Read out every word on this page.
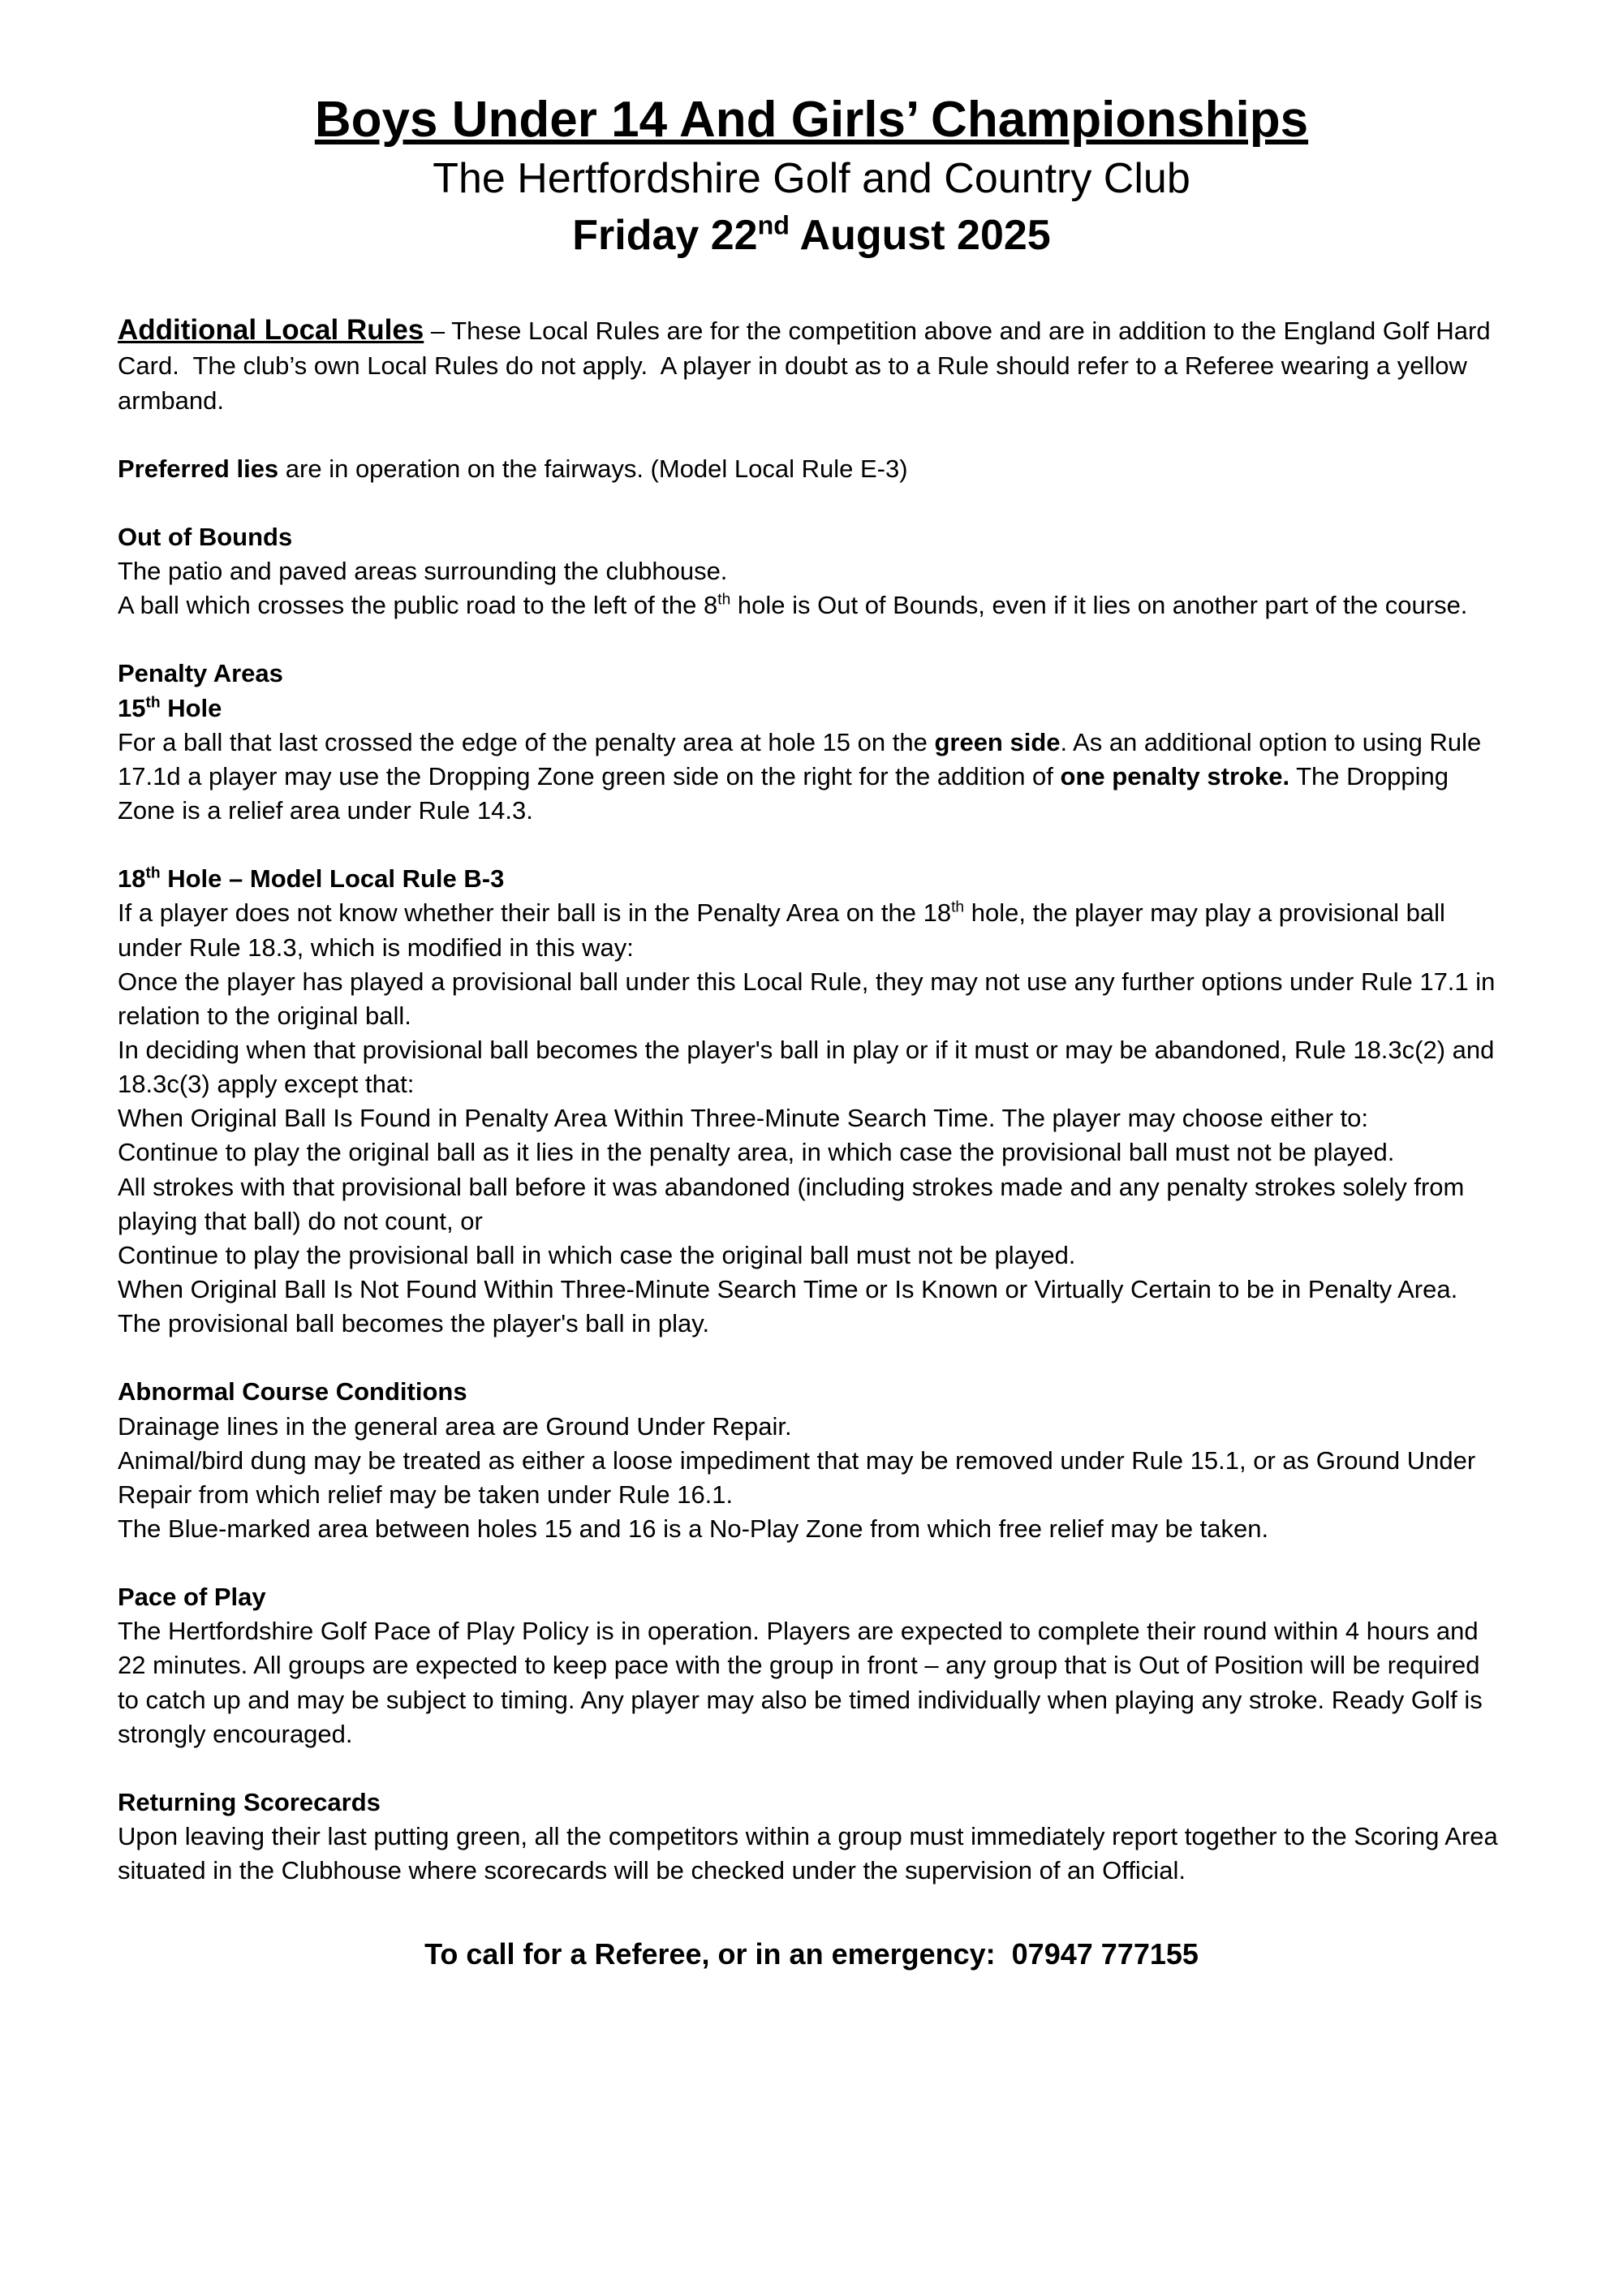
Boys Under 14 And Girls’ Championships
The Hertfordshire Golf and Country Club
Friday 22nd August 2025

Additional Local Rules – These Local Rules are for the competition above and are in addition to the England Golf Hard Card.  The club’s own Local Rules do not apply.  A player in doubt as to a Rule should refer to a Referee wearing a yellow armband.

Preferred lies are in operation on the fairways. (Model Local Rule E-3)

Out of Bounds

The patio and paved areas surrounding the clubhouse.

A ball which crosses the public road to the left of the 8th hole is Out of Bounds, even if it lies on another part of the course.

Penalty Areas
15th Hole

For a ball that last crossed the edge of the penalty area at hole 15 on the green side. As an additional option to using Rule 17.1d a player may use the Dropping Zone green side on the right for the addition of one penalty stroke. The Dropping Zone is a relief area under Rule 14.3.

18th Hole – Model Local Rule B-3

If a player does not know whether their ball is in the Penalty Area on the 18th hole, the player may play a provisional ball under Rule 18.3, which is modified in this way:

Once the player has played a provisional ball under this Local Rule, they may not use any further options under Rule 17.1 in relation to the original ball.

In deciding when that provisional ball becomes the player's ball in play or if it must or may be abandoned, Rule 18.3c(2) and 18.3c(3) apply except that:

When Original Ball Is Found in Penalty Area Within Three-Minute Search Time. The player may choose either to:

Continue to play the original ball as it lies in the penalty area, in which case the provisional ball must not be played.

All strokes with that provisional ball before it was abandoned (including strokes made and any penalty strokes solely from playing that ball) do not count, or

Continue to play the provisional ball in which case the original ball must not be played.

When Original Ball Is Not Found Within Three-Minute Search Time or Is Known or Virtually Certain to be in Penalty Area. The provisional ball becomes the player's ball in play.

Abnormal Course Conditions

Drainage lines in the general area are Ground Under Repair.

Animal/bird dung may be treated as either a loose impediment that may be removed under Rule 15.1, or as Ground Under Repair from which relief may be taken under Rule 16.1.

The Blue-marked area between holes 15 and 16 is a No-Play Zone from which free relief may be taken.

Pace of Play

The Hertfordshire Golf Pace of Play Policy is in operation. Players are expected to complete their round within 4 hours and 22 minutes. All groups are expected to keep pace with the group in front – any group that is Out of Position will be required to catch up and may be subject to timing. Any player may also be timed individually when playing any stroke. Ready Golf is strongly encouraged.

Returning Scorecards

Upon leaving their last putting green, all the competitors within a group must immediately report together to the Scoring Area situated in the Clubhouse where scorecards will be checked under the supervision of an Official.

To call for a Referee, or in an emergency:  07947 777155
